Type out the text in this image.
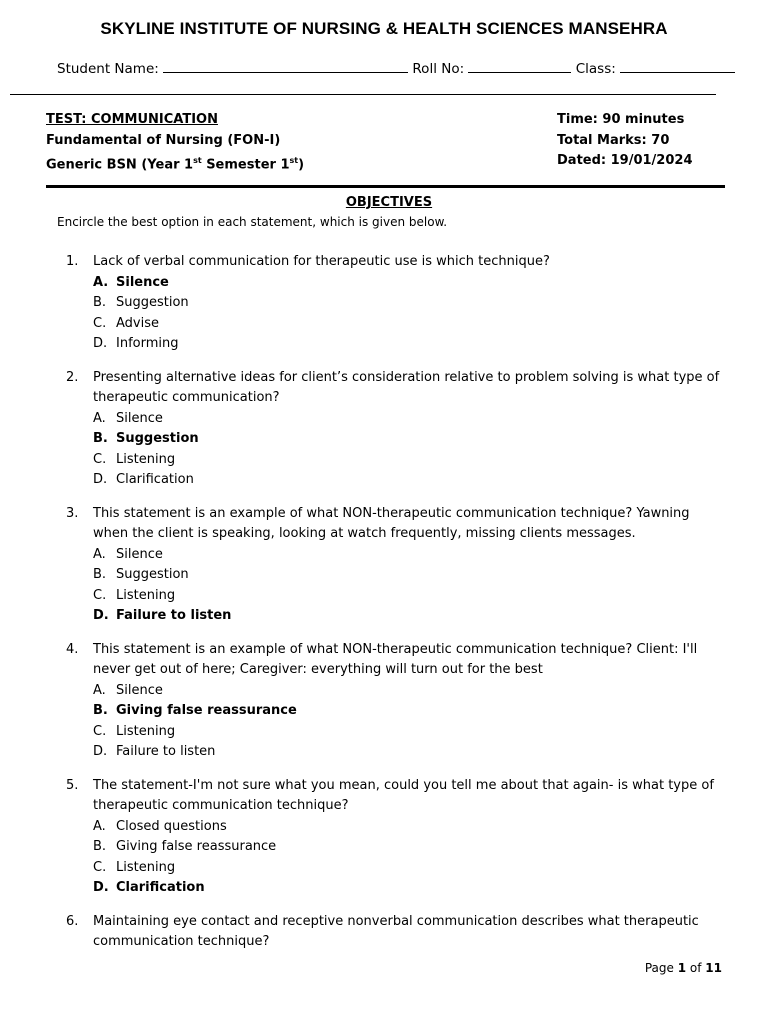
SKYLINE INSTITUTE OF NURSING & HEALTH SCIENCES MANSEHRA
Student Name:	Roll No:	Class:
TEST: COMMUNICATION
Fundamental of Nursing (FON-I)
Generic BSN (Year 1st Semester 1st)
Time: 90 minutes
Total Marks: 70
Dated: 19/01/2024
OBJECTIVES
Encircle the best option in each statement, which is given below.
1.	Lack of verbal communication for therapeutic use is which technique?
A. Silence
B. Suggestion
C. Advise
D. Informing
2.	Presenting alternative ideas for client’s consideration relative to problem solving is what type of therapeutic communication?
A. Silence
B. Suggestion
C. Listening
D. Clarification
3.	This statement is an example of what NON-therapeutic communication technique? Yawning when the client is speaking, looking at watch frequently, missing clients messages.
A. Silence
B. Suggestion
C. Listening
D. Failure to listen
4.	This statement is an example of what NON-therapeutic communication technique? Client: I'll never get out of here; Caregiver: everything will turn out for the best
A. Silence
B. Giving false reassurance
C. Listening
D. Failure to listen
5.	The statement-I'm not sure what you mean, could you tell me about that again- is what type of therapeutic communication technique?
A. Closed questions
B. Giving false reassurance
C. Listening
D. Clarification
6.	Maintaining eye contact and receptive nonverbal communication describes what therapeutic communication technique?
Page 1 of 11
